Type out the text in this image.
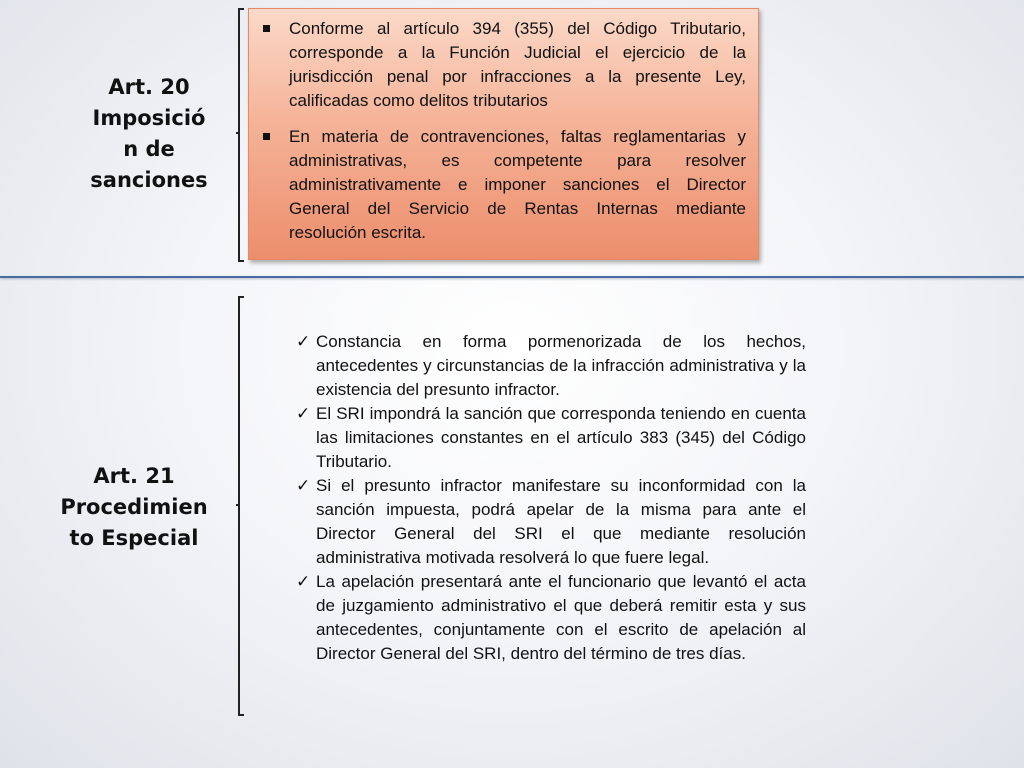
Art. 20
Imposició
n de
sanciones
Conforme al artículo 394 (355) del Código Tributario, corresponde a la Función Judicial el ejercicio de la jurisdicción penal por infracciones a la presente Ley, calificadas como delitos tributarios
En materia de contravenciones, faltas reglamentarias y administrativas, es competente para resolver administrativamente e imponer sanciones el Director General del Servicio de Rentas Internas mediante resolución escrita.
Art. 21
Procedimien
to Especial
✓ Constancia en forma pormenorizada de los hechos, antecedentes y circunstancias de la infracción administrativa y la existencia del presunto infractor.
✓ El SRI impondrá la sanción que corresponda teniendo en cuenta las limitaciones constantes en el artículo 383 (345) del Código Tributario.
✓ Si el presunto infractor manifestare su inconformidad con la sanción impuesta, podrá apelar de la misma para ante el Director General del SRI el que mediante resolución administrativa motivada resolverá lo que fuere legal.
✓ La apelación presentará ante el funcionario que levantó el acta de juzgamiento administrativo el que deberá remitir esta y sus antecedentes, conjuntamente con el escrito de apelación al Director General del SRI, dentro del término de tres días.
